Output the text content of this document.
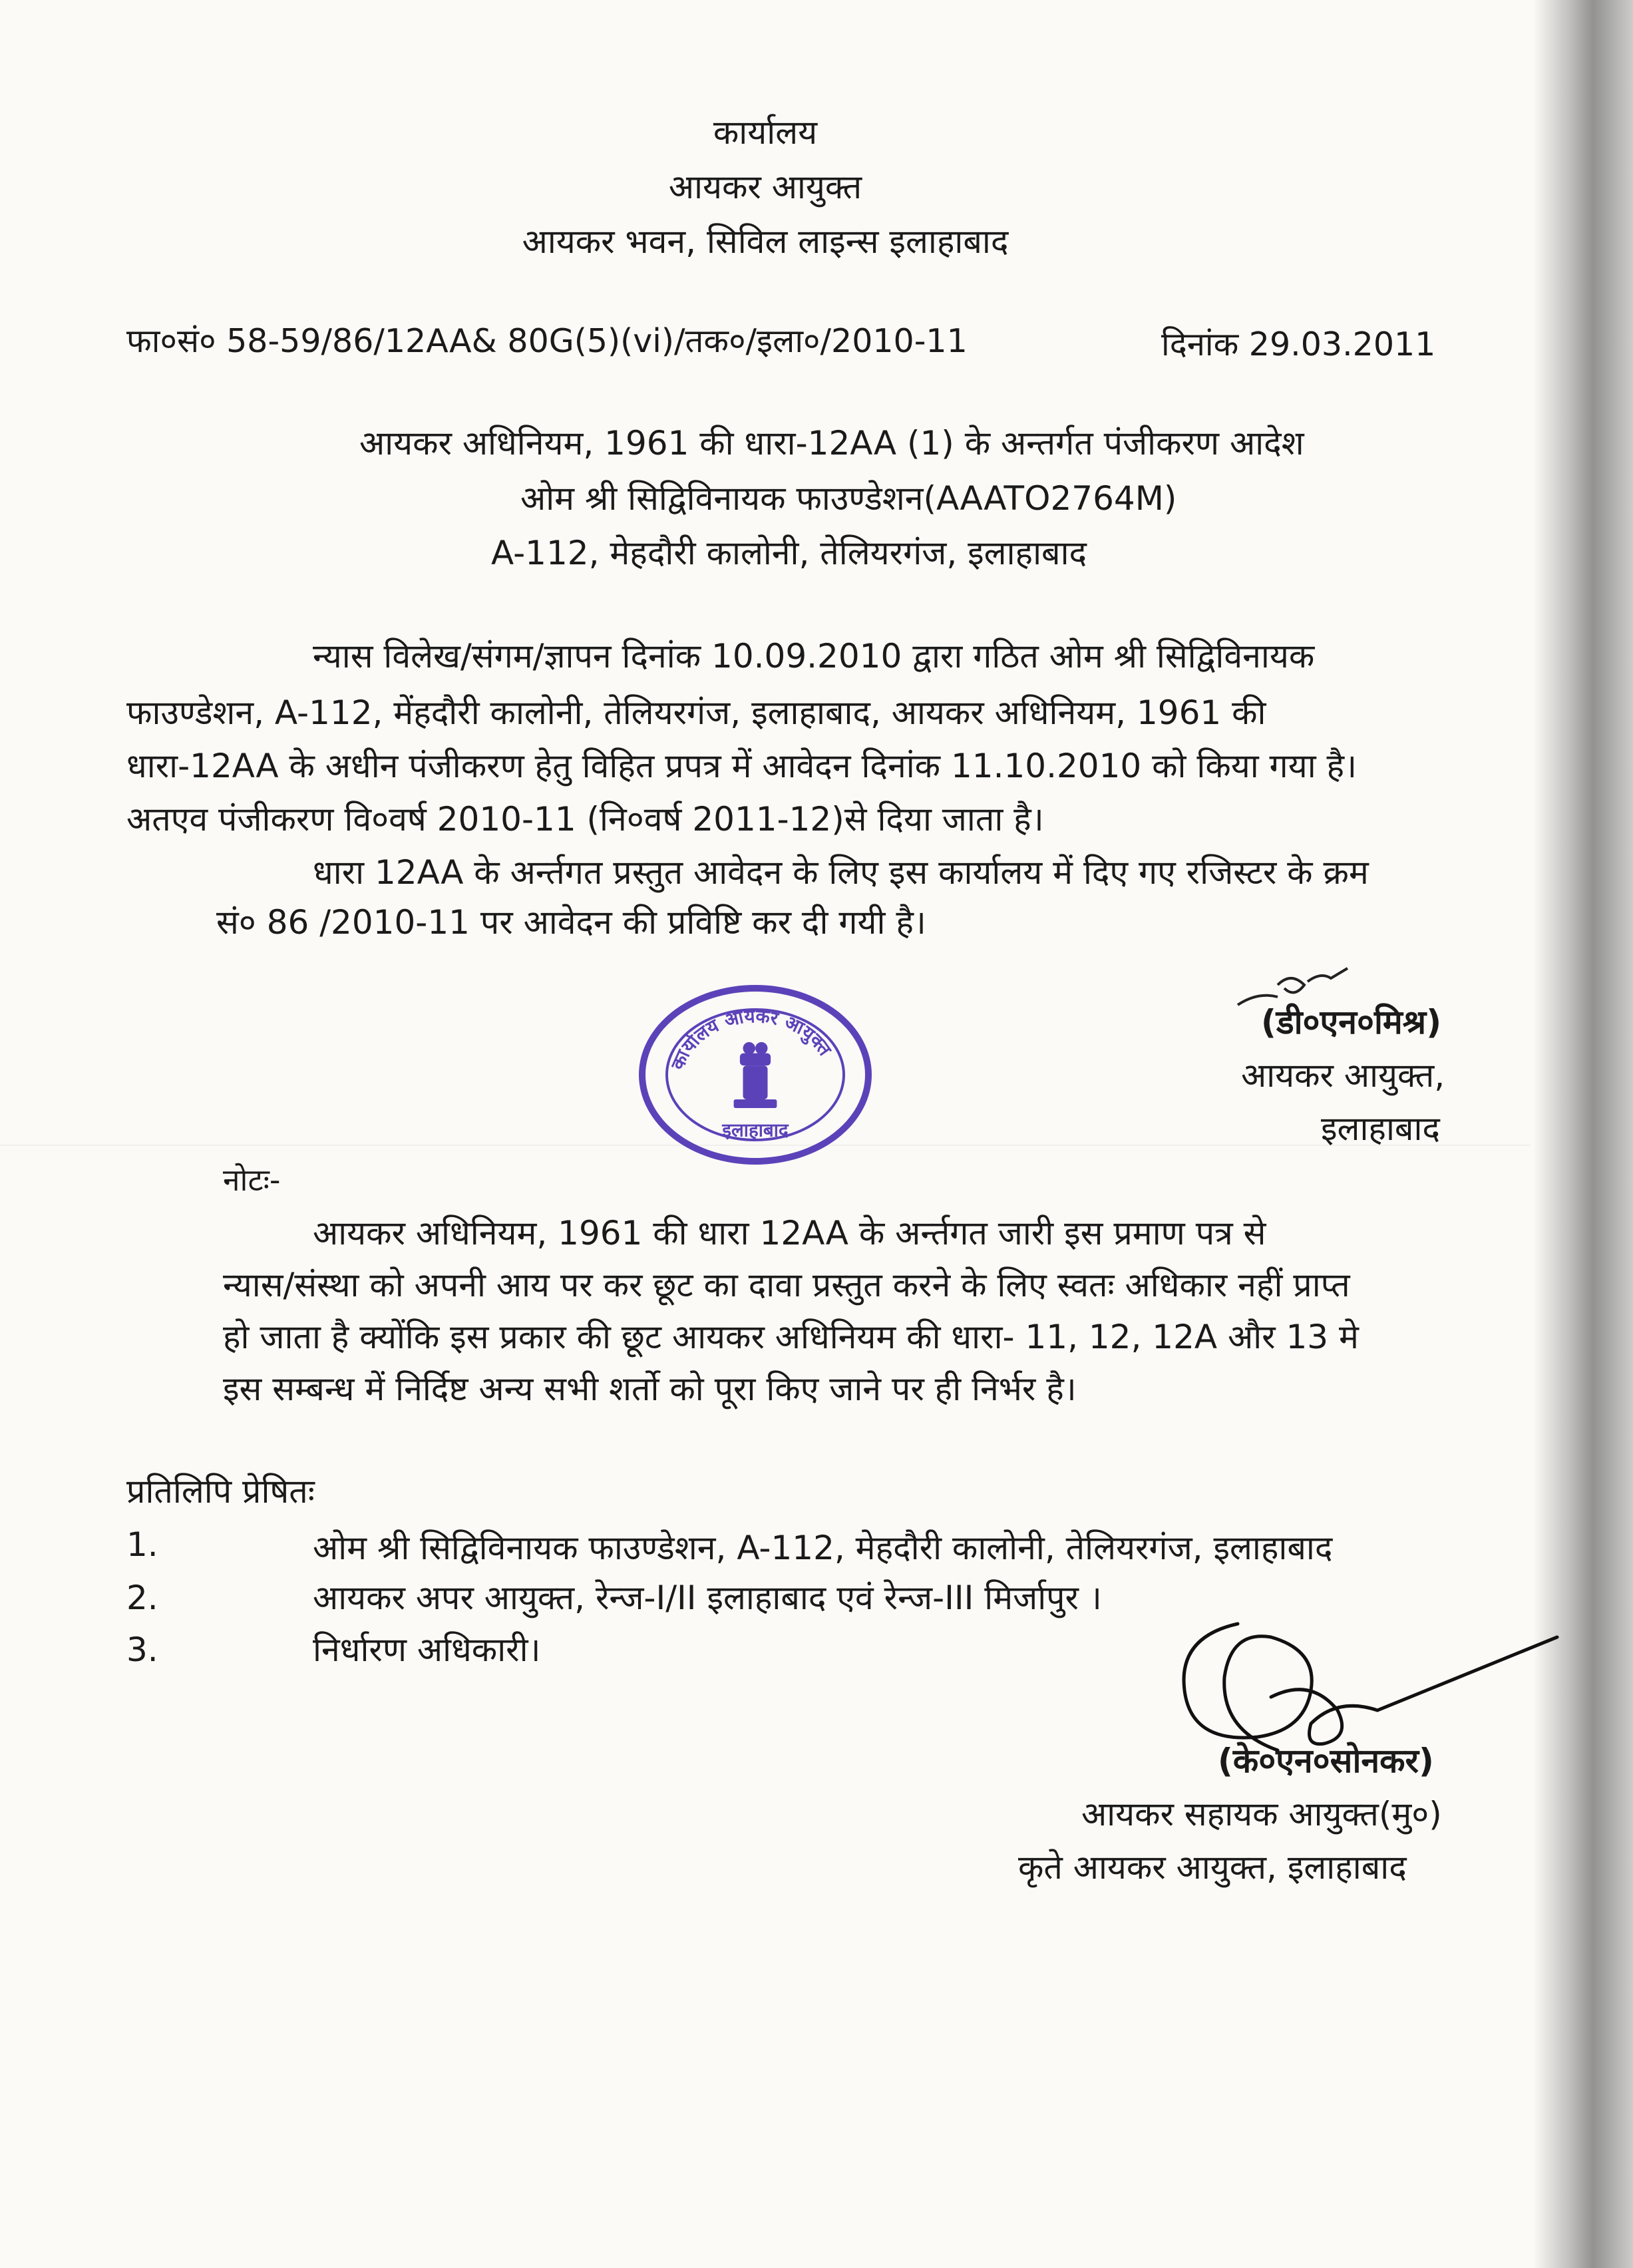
कार्यालय
आयकर आयुक्त
आयकर भवन, सिविल लाइन्स इलाहाबाद
फा०सं० 58-59/86/12AA& 80G(5)(vi)/तक०/इला०/2010-11	दिनांक 29.03.2011
आयकर अधिनियम, 1961 की धारा-12AA (1) के अन्तर्गत पंजीकरण आदेश
ओम श्री सिद्विविनायक फाउण्डेशन(AAATO2764M)
A-112, मेहदौरी कालोनी, तेलियरगंज, इलाहाबाद
न्यास विलेख/संगम/ज्ञापन दिनांक 10.09.2010 द्वारा गठित ओम श्री सिद्विविनायक
फाउण्डेशन, A-112, मेंहदौरी कालोनी, तेलियरगंज, इलाहाबाद, आयकर अधिनियम, 1961 की
धारा-12AA के अधीन पंजीकरण हेतु विहित प्रपत्र में आवेदन दिनांक 11.10.2010 को किया गया है।
अतएव पंजीकरण वि०वर्ष 2010-11 (नि०वर्ष 2011-12)से दिया जाता है।
धारा 12AA के अर्न्तगत प्रस्तुत आवेदन के लिए इस कार्यालय में दिए गए रजिस्टर के क्रम
सं० 86 /2010-11 पर आवेदन की प्रविष्टि कर दी गयी है।
कार्यालय आयकर आयुक्त
इलाहाबाद
(डी०एन०मिश्र)
आयकर आयुक्त,
इलाहाबाद
नोटः-
आयकर अधिनियम, 1961 की धारा 12AA के अर्न्तगत जारी इस प्रमाण पत्र से
न्यास/संस्था को अपनी आय पर कर छूट का दावा प्रस्तुत करने के लिए स्वतः अधिकार नहीं प्राप्त
हो जाता है क्योंकि इस प्रकार की छूट आयकर अधिनियम की धारा- 11, 12, 12A और 13 मे
इस सम्बन्ध में निर्दिष्ट अन्य सभी शर्तो को पूरा किए जाने पर ही निर्भर है।
प्रतिलिपि प्रेषितः
1.	ओम श्री सिद्विविनायक फाउण्डेशन, A-112, मेहदौरी कालोनी, तेलियरगंज, इलाहाबाद
2.	आयकर अपर आयुक्त, रेन्ज-I/II इलाहाबाद एवं रेन्ज-III मिर्जापुर ।
3.	निर्धारण अधिकारी।
(के०एन०सोनकर)
आयकर सहायक आयुक्त(मु०)
कृते आयकर आयुक्त, इलाहाबाद
